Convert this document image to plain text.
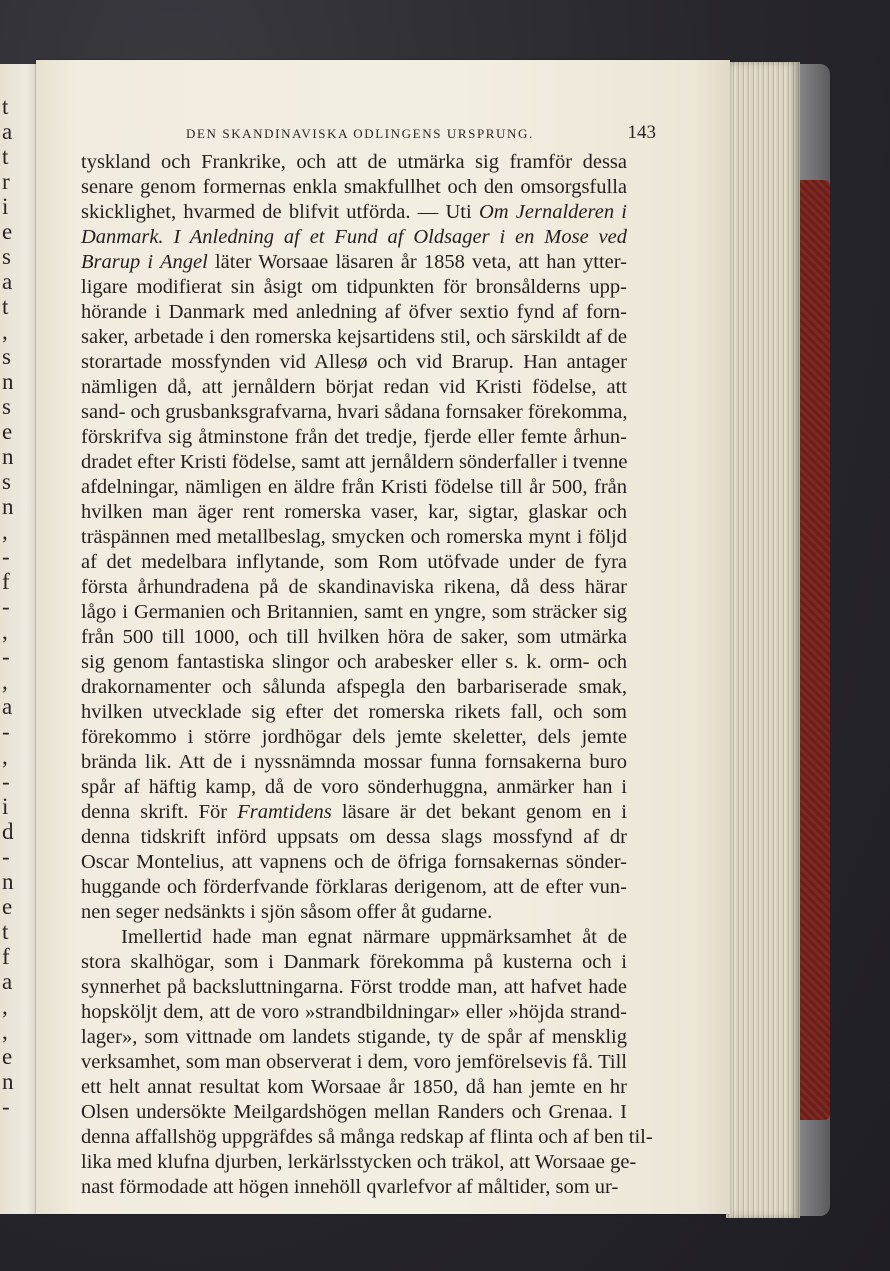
t
a
t
r
i
e
s
a
t
,
s
n
s
e
n
s
n
,
-
f
-
,
-
,
a
-
,
-
i
d
-
n
e
t
f
a
,
,
e
n
-
DEN SKANDINAVISKA ODLINGENS URSPRUNG.	143
tyskland och Frankrike, och att de utmärka sig framför dessa
senare genom formernas enkla smakfullhet och den omsorgsfulla
skicklighet, hvarmed de blifvit utförda. — Uti Om Jernalderen i
Danmark. I Anledning af et Fund af Oldsager i en Mose ved
Brarup i Angel läter Worsaae läsaren år 1858 veta, att han ytter-
ligare modifierat sin åsigt om tidpunkten för bronsålderns upp-
hörande i Danmark med anledning af öfver sextio fynd af forn-
saker, arbetade i den romerska kejsartidens stil, och särskildt af de
storartade mossfynden vid Allesø och vid Brarup. Han antager
nämligen då, att jernåldern börjat redan vid Kristi födelse, att
sand- och grusbanksgrafvarna, hvari sådana fornsaker förekomma,
förskrifva sig åtminstone från det tredje, fjerde eller femte århun-
dradet efter Kristi födelse, samt att jernåldern sönderfaller i tvenne
afdelningar, nämligen en äldre från Kristi födelse till år 500, från
hvilken man äger rent romerska vaser, kar, sigtar, glaskar och
träspännen med metallbeslag, smycken och romerska mynt i följd
af det medelbara inflytande, som Rom utöfvade under de fyra
första århundradena på de skandinaviska rikena, då dess härar
lågo i Germanien och Britannien, samt en yngre, som sträcker sig
från 500 till 1000, och till hvilken höra de saker, som utmärka
sig genom fantastiska slingor och arabesker eller s. k. orm- och
drakornamenter och sålunda afspegla den barbariserade smak,
hvilken utvecklade sig efter det romerska rikets fall, och som
förekommo i större jordhögar dels jemte skeletter, dels jemte
brända lik. Att de i nyssnämnda mossar funna fornsakerna buro
spår af häftig kamp, då de voro sönderhuggna, anmärker han i
denna skrift. För Framtidens läsare är det bekant genom en i
denna tidskrift införd uppsats om dessa slags mossfynd af dr
Oscar Montelius, att vapnens och de öfriga fornsakernas sönder-
huggande och förderfvande förklaras derigenom, att de efter vun-
nen seger nedsänkts i sjön såsom offer åt gudarne.
Imellertid hade man egnat närmare uppmärksamhet åt de
stora skalhögar, som i Danmark förekomma på kusterna och i
synnerhet på backsluttningarna. Först trodde man, att hafvet hade
hopsköljt dem, att de voro »strandbildningar» eller »höjda strand-
lager», som vittnade om landets stigande, ty de spår af mensklig
verksamhet, som man observerat i dem, voro jemförelsevis få. Till
ett helt annat resultat kom Worsaae år 1850, då han jemte en hr
Olsen undersökte Meilgardshögen mellan Randers och Grenaa. I
denna affallshög uppgräfdes så många redskap af flinta och af ben til-
lika med klufna djurben, lerkärlsstycken och träkol, att Worsaae ge-
nast förmodade att högen innehöll qvarlefvor af måltider, som ur-
